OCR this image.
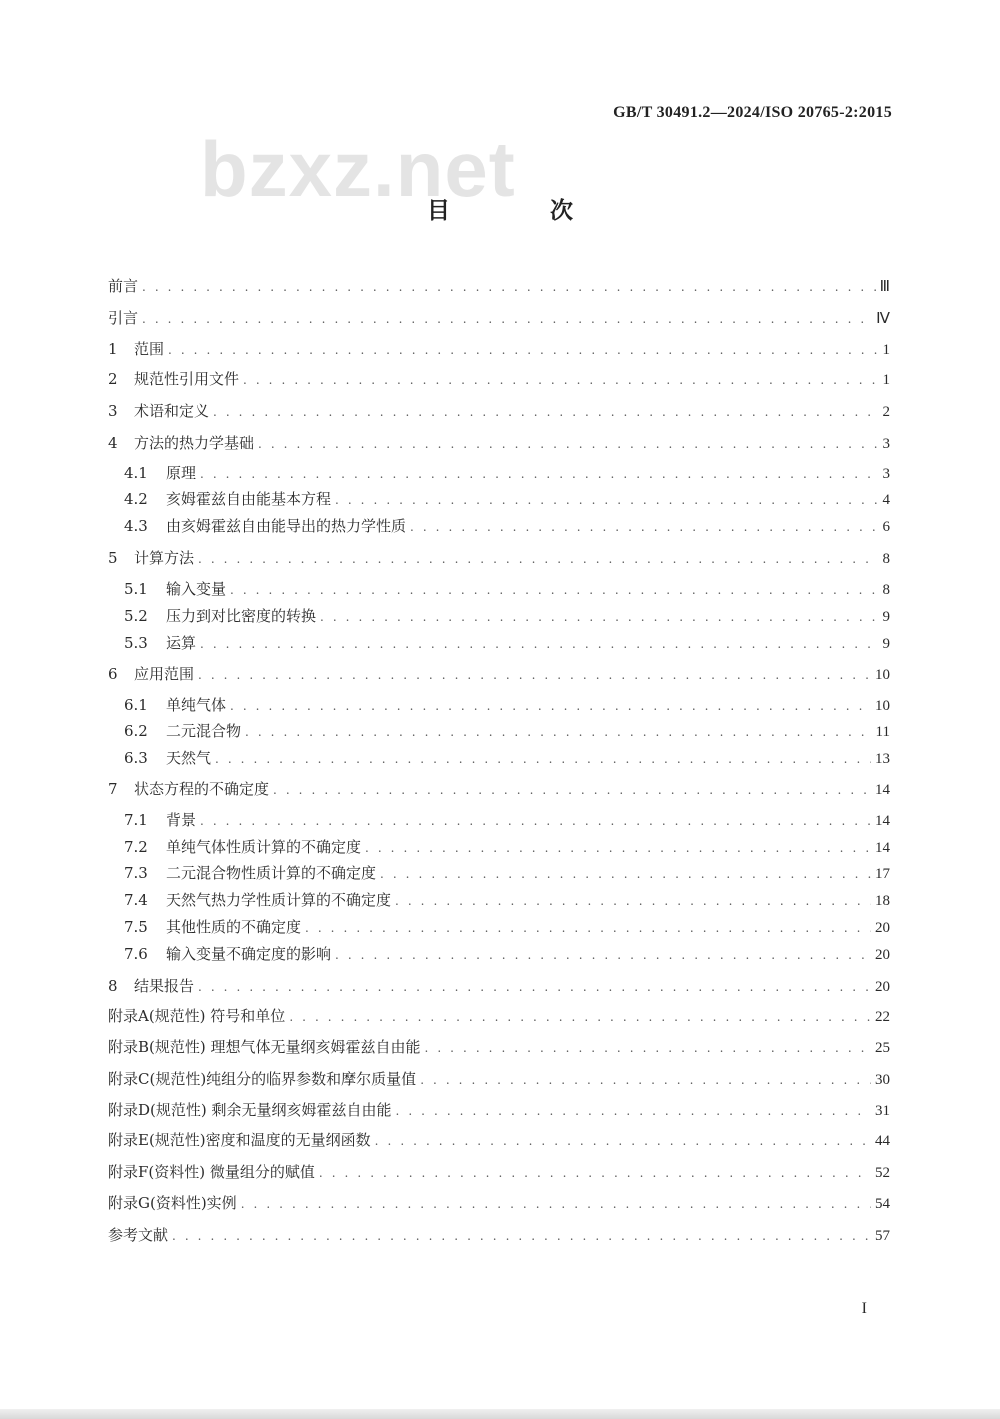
GB/T 30491.2—2024/ISO 20765-2:2015
bzxz.net
目 次
前言 . . .	Ⅲ
引言 . . .	Ⅳ
1	范围 . . .	1
2	规范性引用文件 . . .	1
3	术语和定义 . . .	2
4	方法的热力学基础 . . .	3
4.1	原理 . . .	3
4.2	亥姆霍兹自由能基本方程 . . .	4
4.3	由亥姆霍兹自由能导出的热力学性质 . . .	6
5	计算方法 . . .	8
5.1	输入变量 . . .	8
5.2	压力到对比密度的转换 . . .	9
5.3	运算 . . .	9
6	应用范围 . . .	10
6.1	单纯气体 . . .	10
6.2	二元混合物 . . .	11
6.3	天然气 . . .	13
7	状态方程的不确定度 . . .	14
7.1	背景 . . .	14
7.2	单纯气体性质计算的不确定度 . . .	14
7.3	二元混合物性质计算的不确定度 . . .	17
7.4	天然气热力学性质计算的不确定度 . . .	18
7.5	其他性质的不确定度 . . .	20
7.6	输入变量不确定度的影响 . . .	20
8	结果报告 . . .	20
附录A(规范性) 符号和单位 . . .	22
附录B(规范性) 理想气体无量纲亥姆霍兹自由能 . . .	25
附录C(规范性)纯组分的临界参数和摩尔质量值 . . .	30
附录D(规范性) 剩余无量纲亥姆霍兹自由能 . . .	31
附录E(规范性)密度和温度的无量纲函数 . . .	44
附录F(资料性) 微量组分的赋值 . . .	52
附录G(资料性)实例 . . .	54
参考文献 . . .	57
I
